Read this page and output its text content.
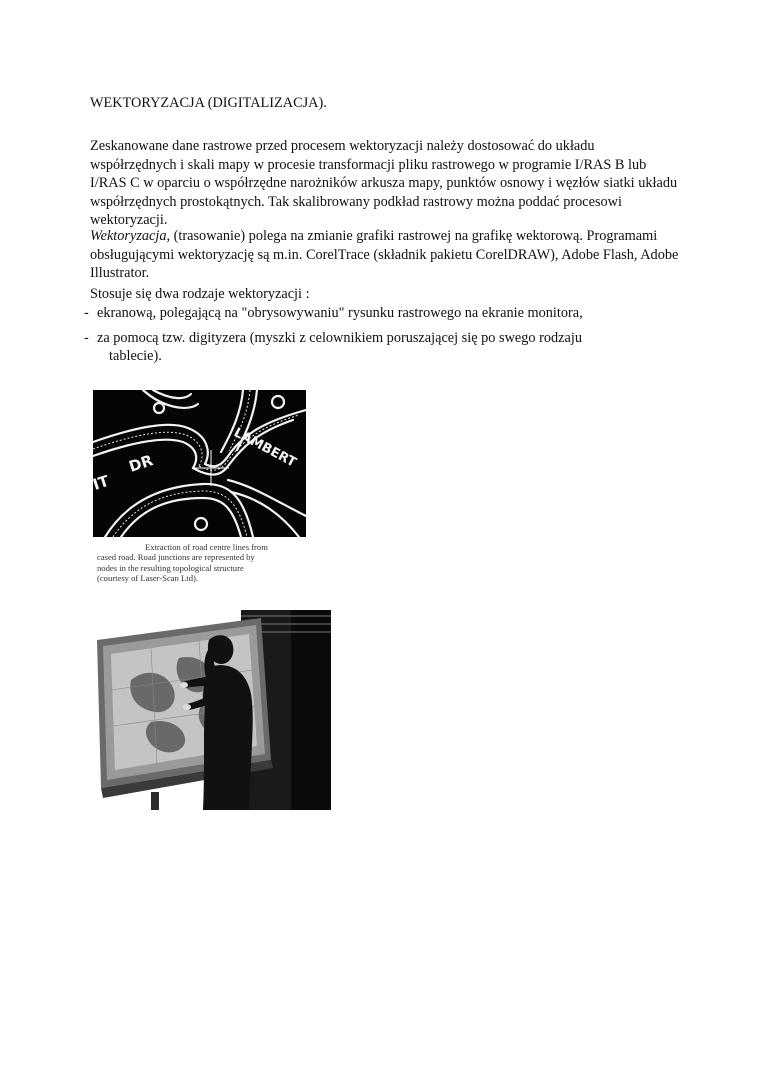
WEKTORYZACJA (DIGITALIZACJA).
Zeskanowane dane rastrowe przed procesem wektoryzacji należy dostosować do układu współrzędnych i skali mapy w procesie transformacji pliku rastrowego w programie I/RAS B lub I/RAS C w oparciu o współrzędne narożników arkusza mapy, punktów osnowy i węzłów siatki układu współrzędnych prostokątnych. Tak skalibrowany podkład rastrowy można poddać procesowi wektoryzacji.
Wektoryzacja, (trasowanie) polega na zmianie grafiki rastrowej na grafikę wektorową. Programami obsługującymi wektoryzację są m.in. CorelTrace (składnik pakietu CorelDRAW), Adobe Flash, Adobe Illustrator.
Stosuje się dwa rodzaje wektoryzacji :
- ekranową, polegającą na "obrysowywaniu" rysunku rastrowego na ekranie monitora,
- za pomocą tzw. digityzera (myszki z celownikiem poruszającej się po swego rodzaju
tablecie).
LAMBERT
DR
IT
Extraction of road centre lines from
cased road. Road junctions are represented by
nodes in the resulting topological structure
(courtesy of Laser-Scan Ltd).
